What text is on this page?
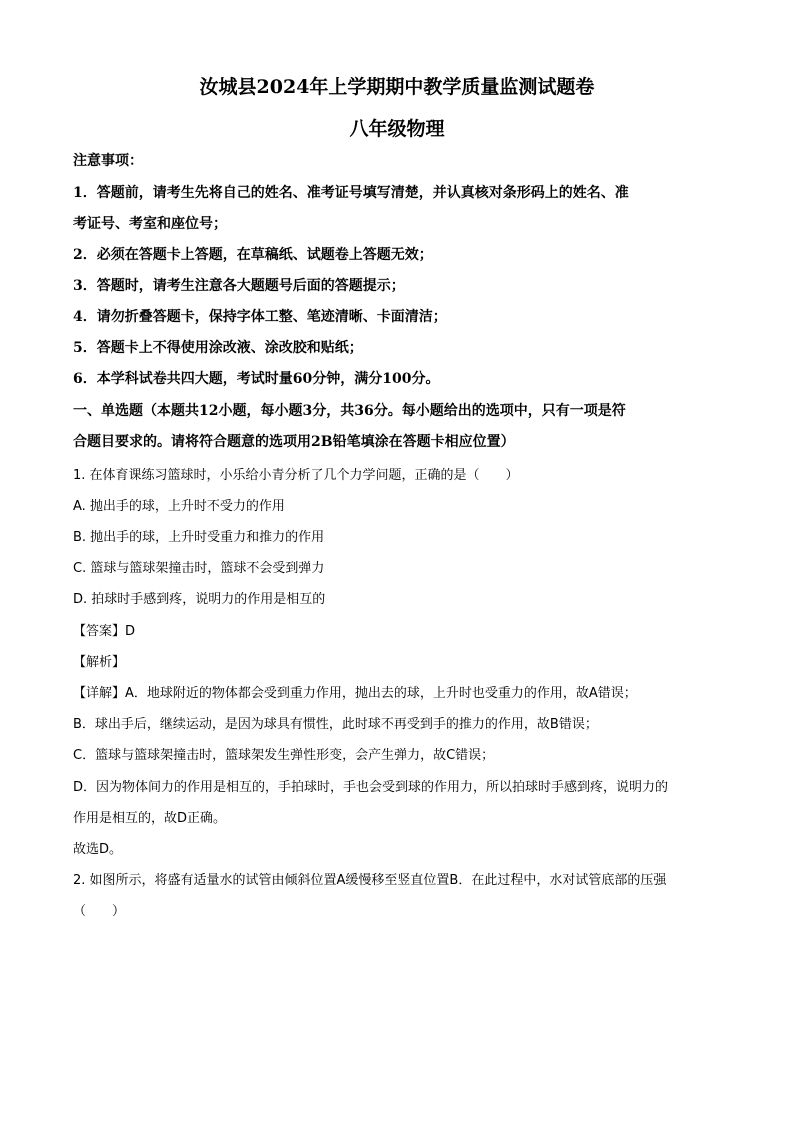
汝城县2024年上学期期中教学质量监测试题卷
八年级物理
注意事项：
1．答题前，请考生先将自己的姓名、准考证号填写清楚，并认真核对条形码上的姓名、准
考证号、考室和座位号；
2．必须在答题卡上答题，在草稿纸、试题卷上答题无效；
3．答题时，请考生注意各大题题号后面的答题提示；
4．请勿折叠答题卡，保持字体工整、笔迹清晰、卡面清洁；
5．答题卡上不得使用涂改液、涂改胶和贴纸；
6．本学科试卷共四大题，考试时量60分钟，满分100分。
一、单选题（本题共12小题，每小题3分，共36分。每小题给出的选项中，只有一项是符
合题目要求的。请将符合题意的选项用2B铅笔填涂在答题卡相应位置）
1. 在体育课练习篮球时，小乐给小青分析了几个力学问题，正确的是（　　）
A. 抛出手的球，上升时不受力的作用
B. 抛出手的球，上升时受重力和推力的作用
C. 篮球与篮球架撞击时，篮球不会受到弹力
D. 拍球时手感到疼，说明力的作用是相互的
【答案】D
【解析】
【详解】A．地球附近的物体都会受到重力作用，抛出去的球，上升时也受重力的作用，故A错误；
B．球出手后，继续运动，是因为球具有惯性，此时球不再受到手的推力的作用，故B错误；
C．篮球与篮球架撞击时，篮球架发生弹性形变，会产生弹力，故C错误；
D．因为物体间力的作用是相互的，手拍球时，手也会受到球的作用力，所以拍球时手感到疼，说明力的
作用是相互的，故D正确。
故选D。
2. 如图所示，将盛有适量水的试管由倾斜位置A缓慢移至竖直位置B．在此过程中，水对试管底部的压强
（　　）
